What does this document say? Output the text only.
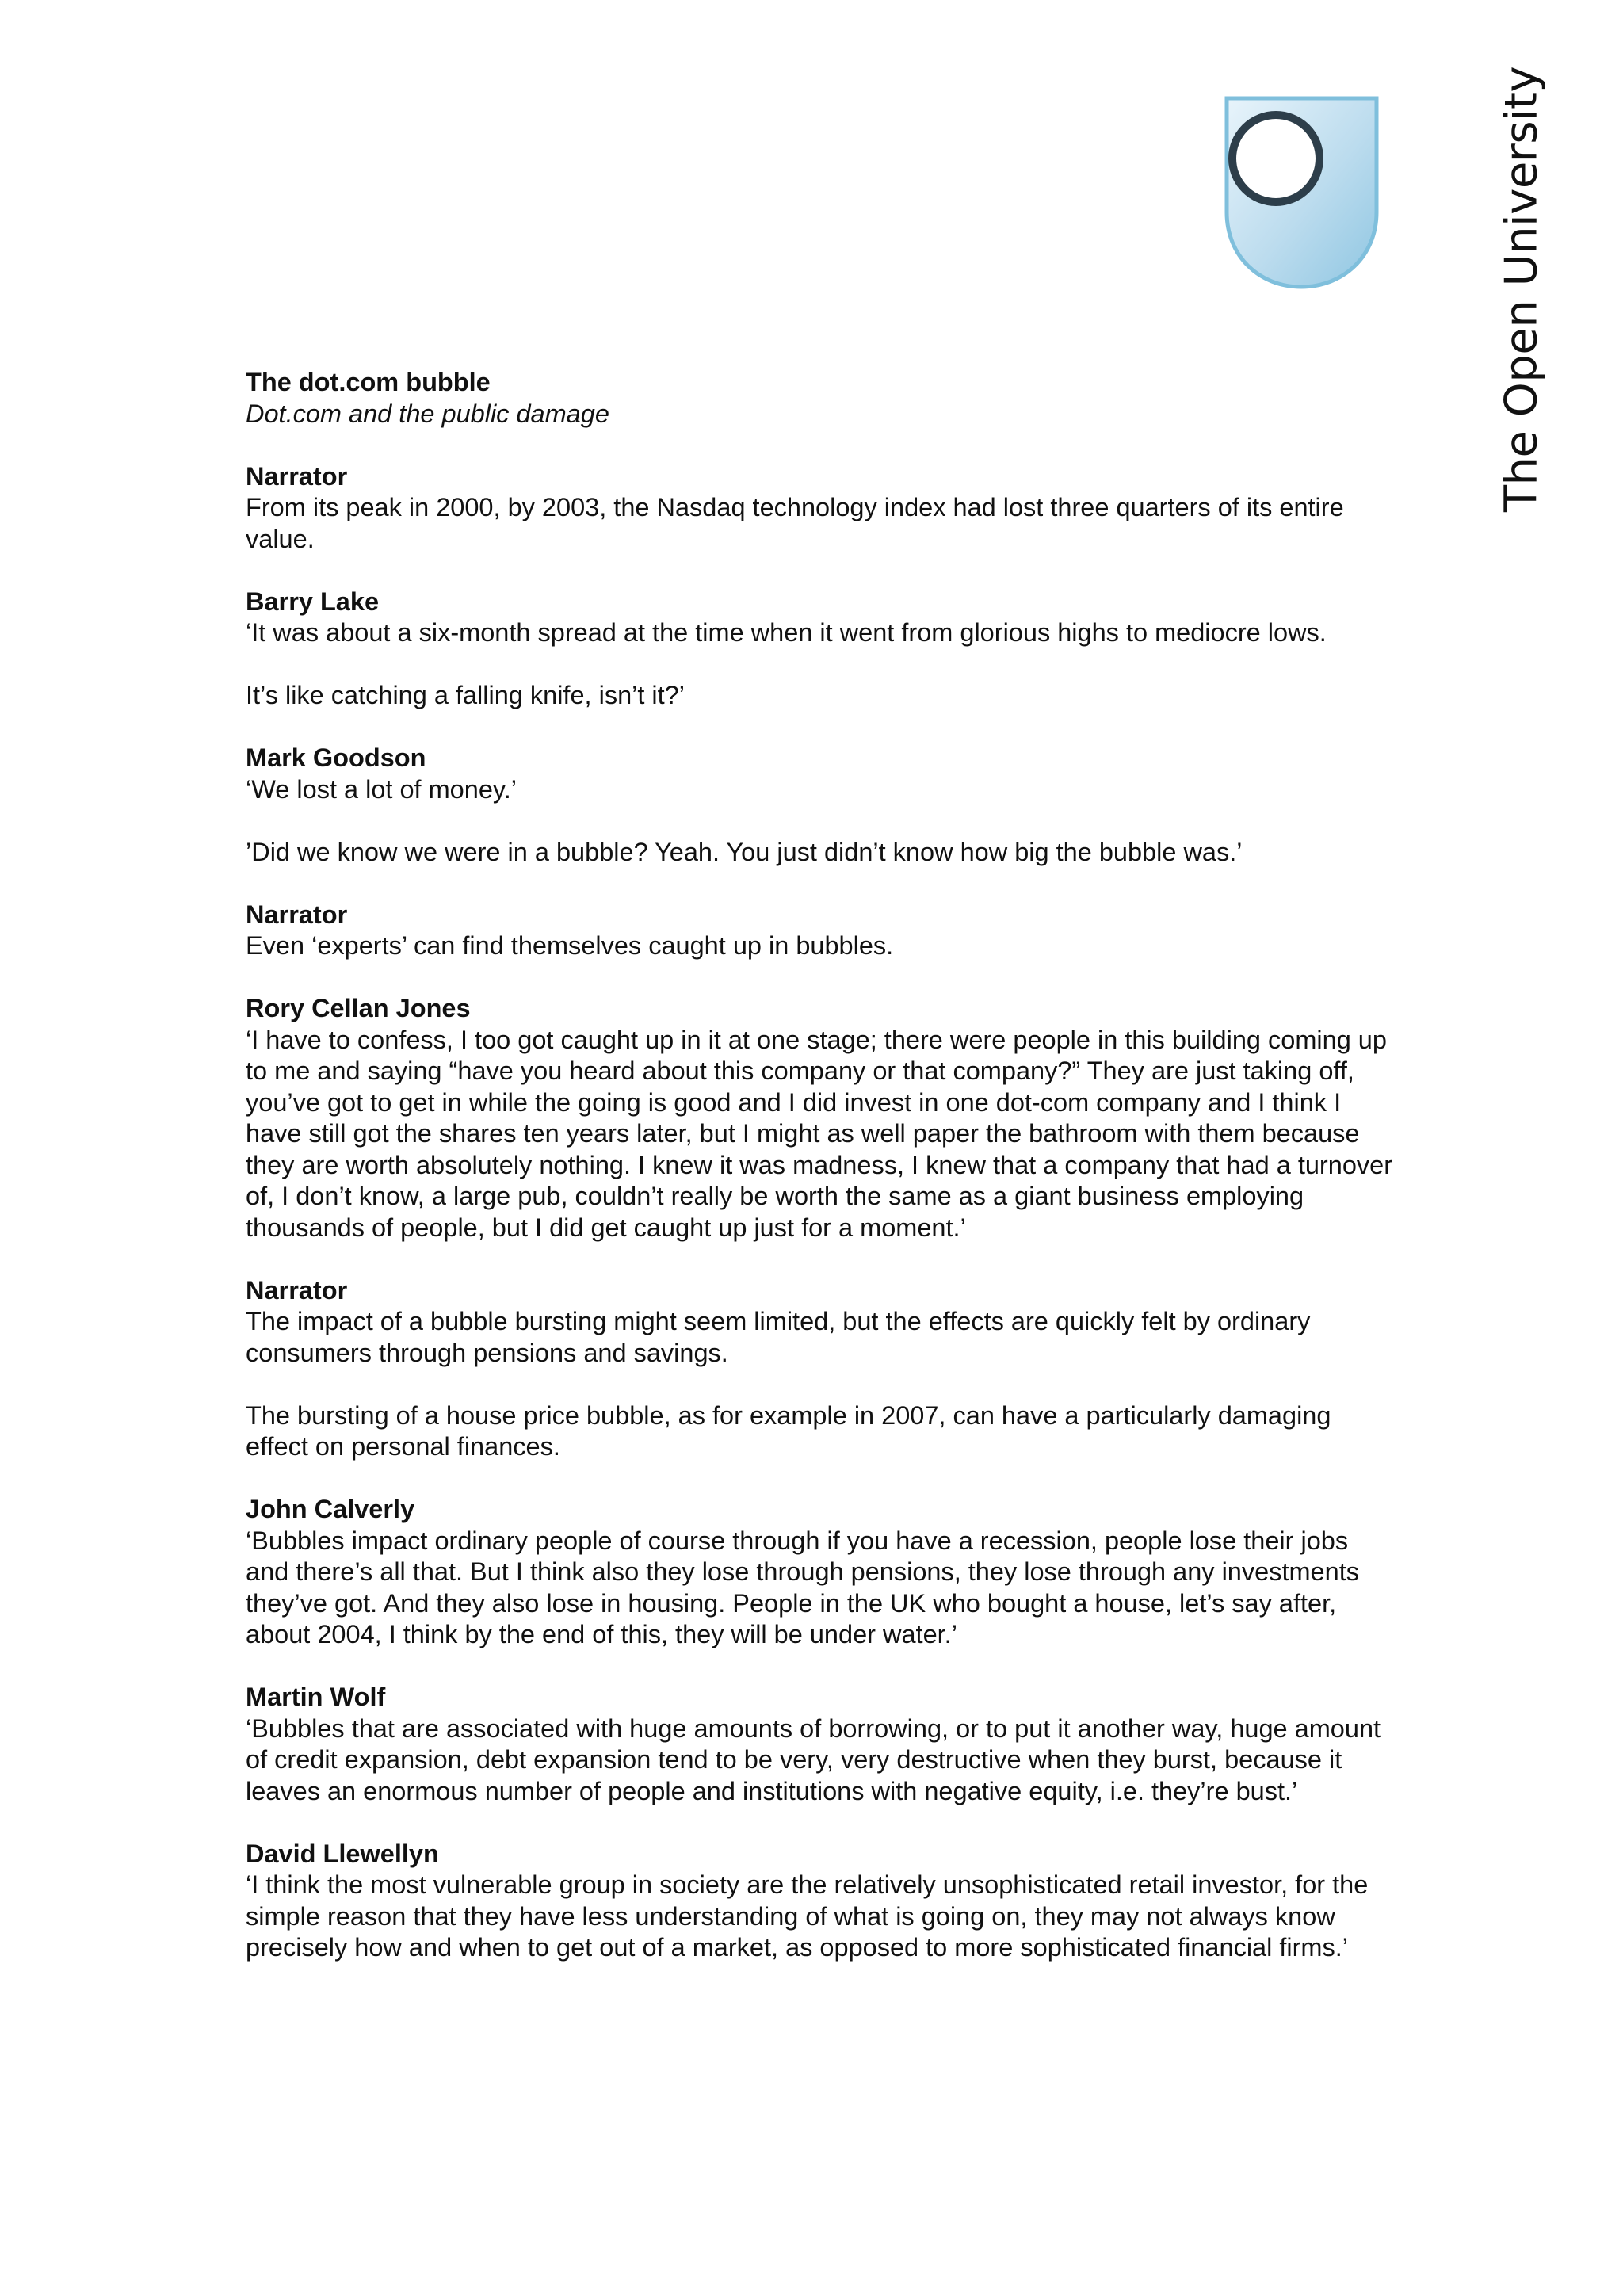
The Open University
The dot.com bubble
Dot.com and the public damage
Narrator
From its peak in 2000, by 2003, the Nasdaq technology index had lost three quarters of its entire value.
Barry Lake
‘It was about a six-month spread at the time when it went from glorious highs to mediocre lows.
It’s like catching a falling knife, isn’t it?’
Mark Goodson
‘We lost a lot of money.’
’Did we know we were in a bubble? Yeah. You just didn’t know how big the bubble was.’
Narrator
Even ‘experts’ can find themselves caught up in bubbles.
Rory Cellan Jones
‘I have to confess, I too got caught up in it at one stage; there were people in this building coming up to me and saying “have you heard about this company or that company?” They are just taking off, you’ve got to get in while the going is good and I did invest in one dot-com company and I think I have still got the shares ten years later, but I might as well paper the bathroom with them because they are worth absolutely nothing. I knew it was madness, I knew that a company that had a turnover of, I don’t know, a large pub, couldn’t really be worth the same as a giant business employing thousands of people, but I did get caught up just for a moment.’
Narrator
The impact of a bubble bursting might seem limited, but the effects are quickly felt by ordinary consumers through pensions and savings.
The bursting of a house price bubble, as for example in 2007, can have a particularly damaging effect on personal finances.
John Calverly
‘Bubbles impact ordinary people of course through if you have a recession, people lose their jobs and there’s all that. But I think also they lose through pensions, they lose through any investments they’ve got. And they also lose in housing. People in the UK who bought a house, let’s say after, about 2004, I think by the end of this, they will be under water.’
Martin Wolf
‘Bubbles that are associated with huge amounts of borrowing, or to put it another way, huge amount of credit expansion, debt expansion tend to be very, very destructive when they burst, because it leaves an enormous number of people and institutions with negative equity, i.e. they’re bust.’
David Llewellyn
‘I think the most vulnerable group in society are the relatively unsophisticated retail investor, for the simple reason that they have less understanding of what is going on, they may not always know precisely how and when to get out of a market, as opposed to more sophisticated financial firms.’
